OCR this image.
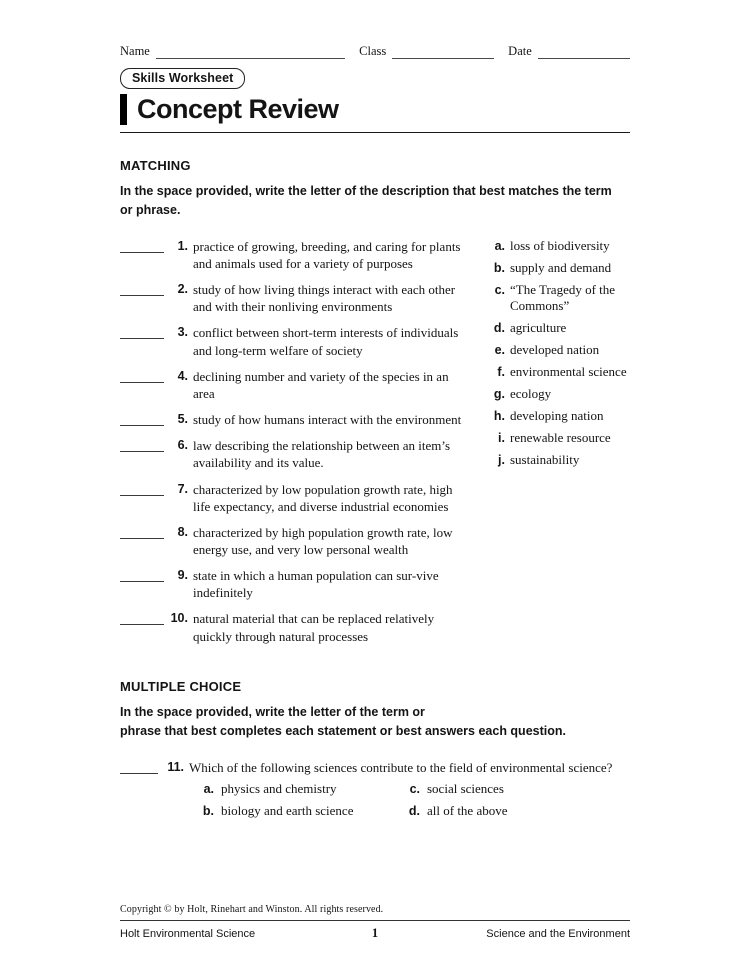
Name	Class	Date
Skills Worksheet
Concept Review
MATCHING
In the space provided, write the letter of the description that best matches the term or phrase.
1. practice of growing, breeding, and caring for plants and animals used for a variety of purposes
2. study of how living things interact with each other and with their nonliving environments
3. conflict between short-term interests of individuals and long-term welfare of society
4. declining number and variety of the species in an area
5. study of how humans interact with the environment
6. law describing the relationship between an item’s availability and its value.
7. characterized by low population growth rate, high life expectancy, and diverse industrial economies
8. characterized by high population growth rate, low energy use, and very low personal wealth
9. state in which a human population can sur-vive indefinitely
10. natural material that can be replaced relatively quickly through natural processes
a. loss of biodiversity
b. supply and demand
c. “The Tragedy of the Commons”
d. agriculture
e. developed nation
f. environmental science
g. ecology
h. developing nation
i. renewable resource
j. sustainability
MULTIPLE CHOICE
In the space provided, write the letter of the term or
phrase that best completes each statement or best answers each question.
11. Which of the following sciences contribute to the field of environmental science?
a. physics and chemistry	c. social sciences
b. biology and earth science	d. all of the above
Copyright © by Holt, Rinehart and Winston. All rights reserved.
Holt Environmental Science	1	Science and the Environment
